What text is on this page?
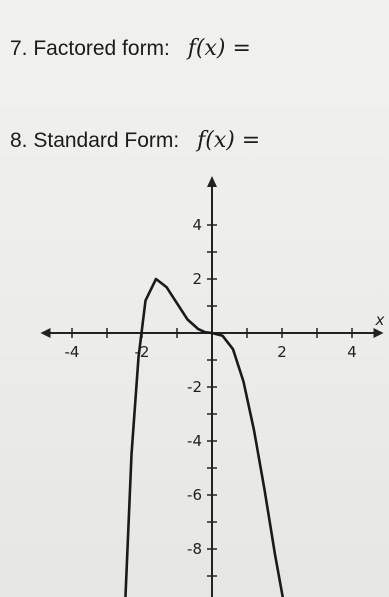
7. Factored form: f(x) =
8. Standard Form: f(x) =
-4	-2	2	4
4
2
-2
-4
-6
-8
x
